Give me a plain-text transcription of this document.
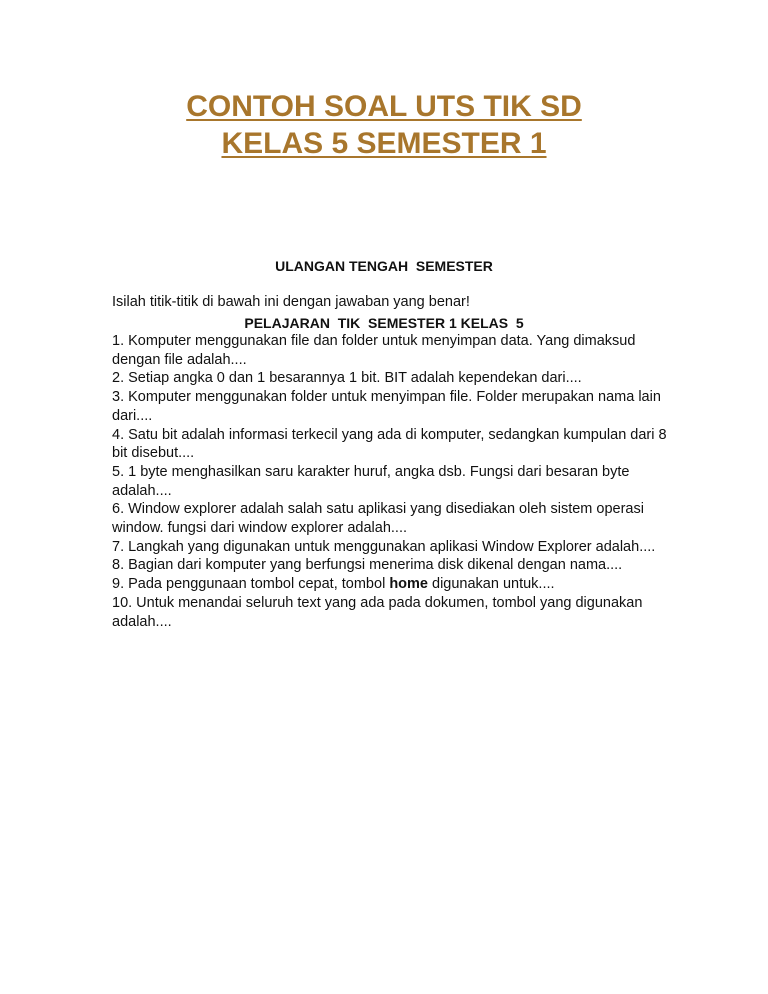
CONTOH SOAL UTS TIK SD
KELAS 5 SEMESTER 1

ULANGAN TENGAH  SEMESTER

PELAJARAN  TIK  SEMESTER 1 KELAS  5

Isilah titik-titik di bawah ini dengan jawaban yang benar!

1. Komputer menggunakan file dan folder untuk menyimpan data. Yang dimaksud dengan file adalah....
2. Setiap angka 0 dan 1 besarannya 1 bit. BIT adalah kependekan dari....
3. Komputer menggunakan folder untuk menyimpan file. Folder merupakan nama lain dari....
4. Satu bit adalah informasi terkecil yang ada di komputer, sedangkan kumpulan dari 8 bit disebut....
5. 1 byte menghasilkan saru karakter huruf, angka dsb. Fungsi dari besaran byte adalah....
6. Window explorer adalah salah satu aplikasi yang disediakan oleh sistem operasi window. fungsi dari window explorer adalah....
7. Langkah yang digunakan untuk menggunakan aplikasi Window Explorer adalah....
8. Bagian dari komputer yang berfungsi menerima disk dikenal dengan nama....
9. Pada penggunaan tombol cepat, tombol home digunakan untuk....
10. Untuk menandai seluruh text yang ada pada dokumen, tombol yang digunakan adalah....
